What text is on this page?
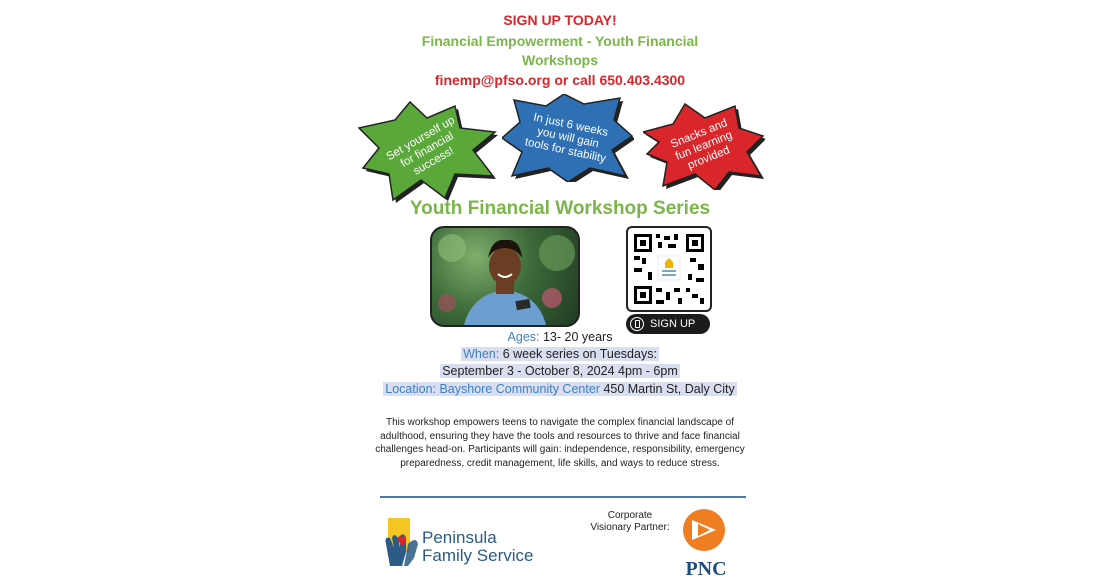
SIGN UP TODAY!
Financial Empowerment - Youth Financial
Workshops
finemp@pfso.org or call 650.403.4300
Set yourself up
for financial
success!
In just 6 weeks
you will gain
tools for stability	Snacks and
fun learning
provided
Youth Financial Workshop Series
SIGN UP
Ages: 13- 20 years
When: 6 week series on Tuesdays:
September 3 - October 8, 2024 4pm - 6pm
Location: Bayshore Community Center 450 Martin St, Daly City
This workshop empowers teens to navigate the complex financial landscape of adulthood, ensuring they have the tools and resources to thrive and face financial challenges head-on. Participants will gain: independence, responsibility, emergency preparedness, credit management, life skills, and ways to reduce stress.
Peninsula
Family Service
Corporate
Visionary Partner:
PNC
